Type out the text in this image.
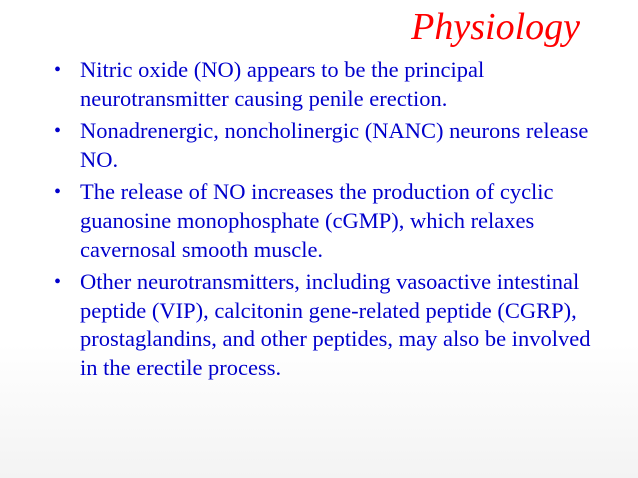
Physiology
• Nitric oxide (NO) appears to be the principal neurotransmitter causing penile erection.
• Nonadrenergic, noncholinergic (NANC) neurons release NO.
• The release of NO increases the production of cyclic guanosine monophosphate (cGMP), which relaxes cavernosal smooth muscle.
• Other neurotransmitters, including vasoactive intestinal peptide (VIP), calcitonin gene-related peptide (CGRP), prostaglandins, and other peptides, may also be involved in the erectile process.
